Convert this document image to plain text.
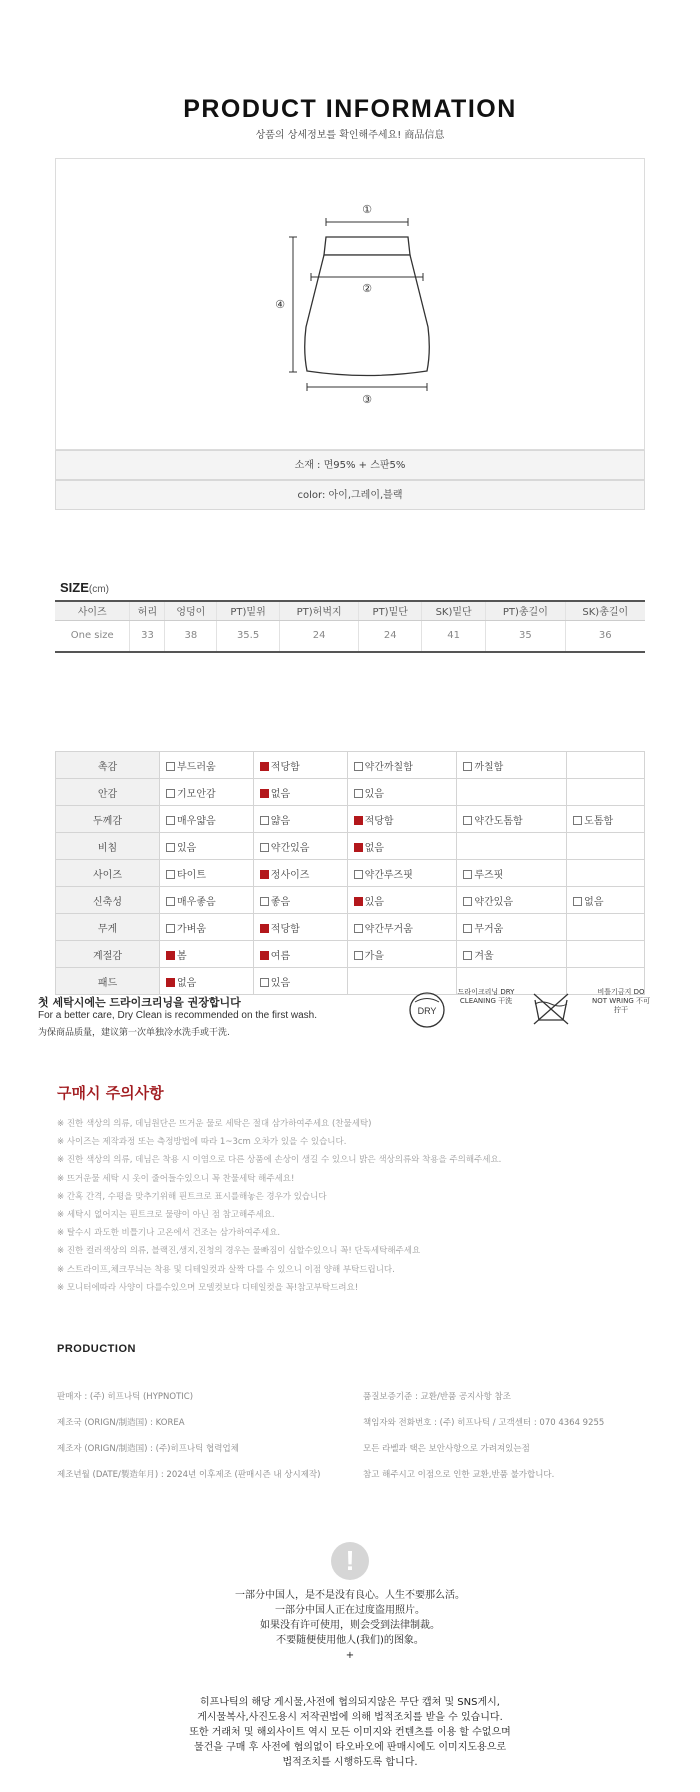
PRODUCT INFORMATION
상품의 상세정보를 확인해주세요! 商品信息
①
②
③
④
소재 : 면95% + 스판5%
color: 아이,그레이,블랙
SIZE(cm)
사이즈	허리	엉덩이	PT)밑위	PT)허벅지	PT)밑단	SK)밑단	PT)총길이	SK)총길이
One size	33	38	35.5	24	24	41	35	36
촉감	부드러움	적당함	약간까칠함	까칠함	
안감	기모안감	없음	있음		
두께감	매우얇음	얇음	적당함	약간도톰함	도톰함
비침	있음	약간있음	없음		
사이즈	타이트	정사이즈	약간루즈핏	루즈핏	
신축성	매우좋음	좋음	있음	약간있음	없음
무게	가벼움	적당함	약간무거움	무거움	
계절감	봄	여름	가을	겨울	
패드	없음	있음			
첫 세탁시에는 드라이크리닝을 권장합니다
For a better care, Dry Clean is recommended on the first wash.
为保商品质量，建议第一次单独冷水洗手或干洗.
DRY
드라이크리닝 DRY CLEANING 干洗
비틀기금지 DO NOT WRING 不可拧干
구매시 주의사항
※ 진한 색상의 의류, 데님원단은 뜨거운 물로 세탁은 절대 삼가하여주세요 (찬물세탁)
※ 사이즈는 제작과정 또는 측정방법에 따라 1~3cm 오차가 있을 수 있습니다.
※ 진한 색상의 의류, 데님은 착용 시 이염으로 다른 상품에 손상이 생길 수 있으니 밝은 색상의류와 착용을 주의해주세요.
※ 뜨거운물 세탁 시 옷이 줄어들수있으니 꼭 찬물세탁 해주세요!
※ 간혹 간격, 수평을 맞추기위해 핀트크로 표시를해놓은 경우가 있습니다
※ 세탁시 없어지는 핀트크로 물량이 아닌 점 참고해주세요.
※ 탈수시 과도한 비틀기나 고온에서 건조는 삼가하여주세요.
※ 진한 컬러색상의 의류, 블랙진,생지,진청의 경우는 물빠짐이 심할수있으니 꼭! 단독세탁해주세요
※ 스트라이프,체크무늬는 착용 및 디테일컷과 살짝 다를 수 있으니 이점 양해 부탁드립니다.
※ 모니터에따라 사양이 다를수있으며 모델컷보다 디테일컷을 꼭!참고부탁드려요!
PRODUCTION
판매자 : (주) 히프나틱 (HYPNOTIC)
제조국 (ORIGN/制造国) : KOREA
제조자 (ORIGN/制造国) : (주)히프나틱 협력업체
제조년월 (DATE/製造年月) : 2024년 이후제조 (판매시즌 내 상시제작)
품질보증기준 : 교환/반품 공지사항 참조
책임자와 전화번호 : (주) 히프나틱 / 고객센터 : 070 4364 9255
모든 라벨과 택은 보안사항으로 가려져있는점
참고 해주시고 이점으로 인한 교환,반품 불가합니다.
!

一部分中国人，是不是没有良心。人生不要那么活。

一部分中国人正在过度盗用照片。

如果没有许可使用，则会受到法律制裁。

不要随便使用他人(我们)的图象。

+

히프나틱의 해당 게시물,사전에 협의되지않은 무단 캡쳐 및 SNS게시,

게시물복사,사진도용시 저작권법에 의해 법적조치를 받을 수 있습니다.

또한 거래처 및 해외사이트 역시 모든 이미지와 컨텐츠를 이용 할 수없으며

물건을 구매 후 사전에 협의없이 타오바오에 판매시에도 이미지도용으로

법적조치를 시행하도록 합니다.
